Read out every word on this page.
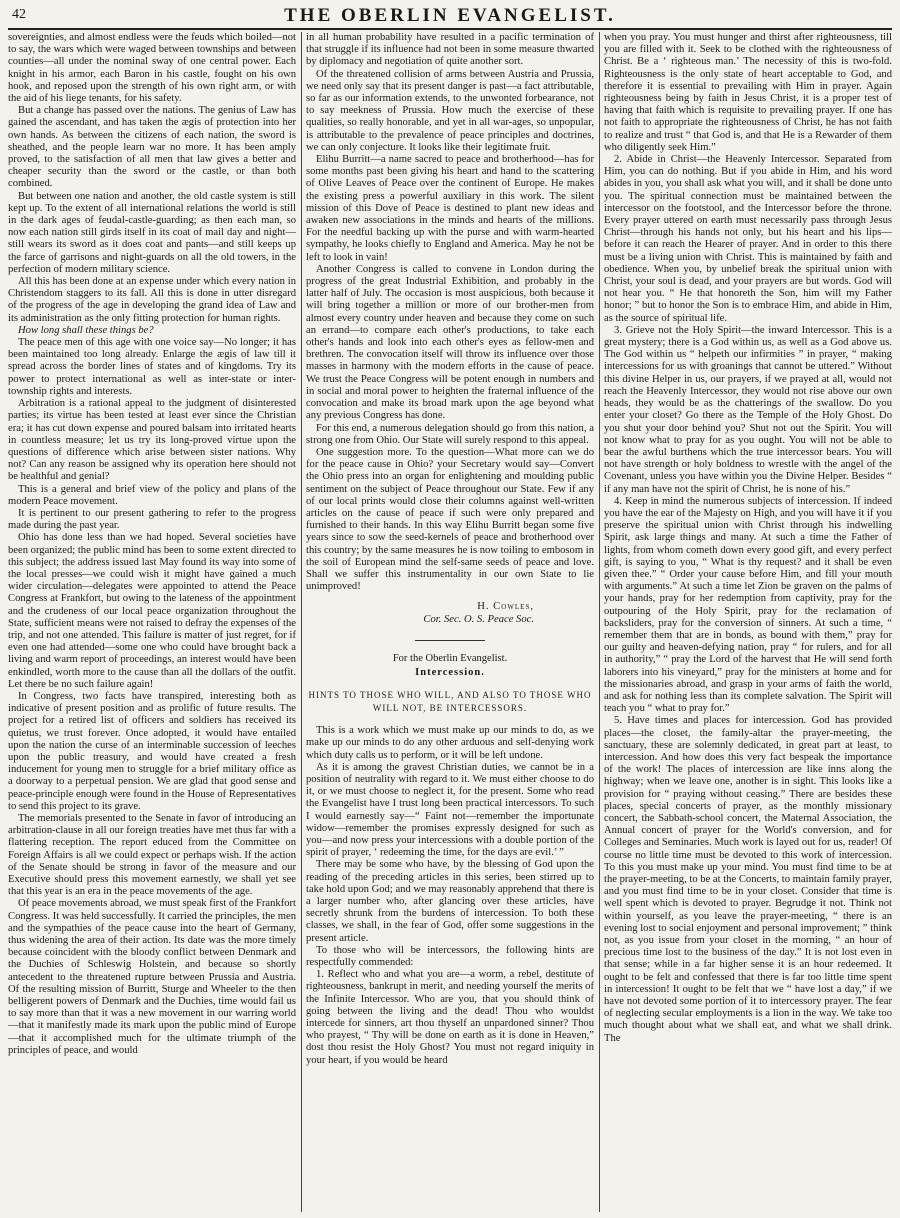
42	THE OBERLIN EVANGELIST.

sovereignties, and almost endless were the feuds which boiled—not to say, the wars which were waged between townships and between counties—all under the nominal sway of one central power. Each knight in his armor, each Baron in his castle, fought on his own hook, and reposed upon the strength of his own right arm, or with the aid of his liege tenants, for his safety.

But a change has passed over the nations. The genius of Law has gained the ascendant, and has taken the ægis of protection into her own hands. As between the citizens of each nation, the sword is sheathed, and the people learn war no more. It has been amply proved, to the satisfaction of all men that law gives a better and cheaper security than the sword or the castle, or than both combined.

But between one nation and another, the old castle system is still kept up. To the extent of all international relations the world is still in the dark ages of feudal-castle-guarding; as then each man, so now each nation still girds itself in its coat of mail day and night—still wears its sword as it does coat and pants—and still keeps up the farce of garrisons and night-guards on all the old towers, in the perfection of modern military science.

All this has been done at an expense under which every nation in Christendom staggers to its fall. All this is done in utter disregard of the progress of the age in developing the grand idea of Law and its administration as the only fitting protection for human rights.

How long shall these things be?

The peace men of this age with one voice say—No longer; it has been maintained too long already. Enlarge the ægis of law till it spread across the border lines of states and of kingdoms. Try its power to protect international as well as inter-state or inter-township rights and interests.

Arbitration is a rational appeal to the judgment of disinterested parties; its virtue has been tested at least ever since the Christian era; it has cut down expense and poured balsam into irritated hearts in countless measure; let us try its long-proved virtue upon the questions of difference which arise between sister nations. Why not? Can any reason be assigned why its operation here should not be healthful and genial?

This is a general and brief view of the policy and plans of the modern Peace movement.

It is pertinent to our present gathering to refer to the progress made during the past year.

Ohio has done less than we had hoped. Several societies have been organized; the public mind has been to some extent directed to this subject; the address issued last May found its way into some of the local presses—we could wish it might have gained a much wider circulation—delegates were appointed to attend the Peace Congress at Frankfort, but owing to the lateness of the appointment and the crudeness of our local peace organization throughout the State, sufficient means were not raised to defray the expenses of the trip, and not one attended. This failure is matter of just regret, for if even one had attended—some one who could have brought back a living and warm report of proceedings, an interest would have been enkindled, worth more to the cause than all the dollars of the outfit. Let there be no such failure again!

In Congress, two facts have transpired, interesting both as indicative of present position and as prolific of future results. The project for a retired list of officers and soldiers has received its quietus, we trust forever. Once adopted, it would have entailed upon the nation the curse of an interminable succession of leeches upon the public treasury, and would have created a fresh inducement for young men to struggle for a brief military office as a doorway to a perpetual pension. We are glad that good sense and peace-principle enough were found in the House of Representatives to send this project to its grave.

The memorials presented to the Senate in favor of introducing an arbitration-clause in all our foreign treaties have met thus far with a flattering reception. The report educed from the Committee on Foreign Affairs is all we could expect or perhaps wish. If the action of the Senate should be strong in favor of the measure and our Executive should press this movement earnestly, we shall yet see that this year is an era in the peace movements of the age.

Of peace movements abroad, we must speak first of the Frankfort Congress. It was held successfully. It carried the principles, the men and the sympathies of the peace cause into the heart of Germany, thus widening the area of their action. Its date was the more timely because coincident with the bloody conflict between Denmark and the Duchies of Schleswig Holstein, and because so shortly antecedent to the threatened rupture between Prussia and Austria. Of the resulting mission of Burritt, Sturge and Wheeler to the then belligerent powers of Denmark and the Duchies, time would fail us to say more than that it was a new movement in our warring world—that it manifestly made its mark upon the public mind of Europe—that it accomplished much for the ultimate triumph of the principles of peace, and would

in all human probability have resulted in a pacific termination of that struggle if its influence had not been in some measure thwarted by diplomacy and negotiation of quite another sort.

Of the threatened collision of arms between Austria and Prussia, we need only say that its present danger is past—a fact attributable, so far as our information extends, to the unwonted forbearance, not to say meekness of Prussia. How much the exercise of these qualities, so really honorable, and yet in all war-ages, so unpopular, is attributable to the prevalence of peace principles and doctrines, we can only conjecture. It looks like their legitimate fruit.

Elihu Burritt—a name sacred to peace and brotherhood—has for some months past been giving his heart and hand to the scattering of Olive Leaves of Peace over the continent of Europe. He makes the existing press a powerful auxiliary in this work. The silent mission of this Dove of Peace is destined to plant new ideas and awaken new associations in the minds and hearts of the millions. For the needful backing up with the purse and with warm-hearted sympathy, he looks chiefly to England and America. May he not be left to look in vain!

Another Congress is called to convene in London during the progress of the great Industrial Exhibition, and probably in the latter half of July. The occasion is most auspicious, both because it will bring together a million or more of our brother-men from almost every country under heaven and because they come on such an errand—to compare each other's productions, to take each other's hands and look into each other's eyes as fellow-men and brethren. The convocation itself will throw its influence over those masses in harmony with the modern efforts in the cause of peace. We trust the Peace Congress will be potent enough in numbers and in social and moral power to heighten the fraternal influence of the convocation and make its broad mark upon the age beyond what any previous Congress has done.

For this end, a numerous delegation should go from this nation, a strong one from Ohio. Our State will surely respond to this appeal.

One suggestion more. To the question—What more can we do for the peace cause in Ohio? your Secretary would say—Convert the Ohio press into an organ for enlightening and moulding public sentiment on the subject of Peace throughout our State. Few if any of our local prints would close their columns against well-written articles on the cause of peace if such were only prepared and furnished to their hands. In this way Elihu Burritt began some five years since to sow the seed-kernels of peace and brotherhood over this country; by the same measures he is now toiling to embosom in the soil of European mind the self-same seeds of peace and love. Shall we suffer this instrumentality in our own State to lie unimproved!

H. Cowles,
Cor. Sec. O. S. Peace Soc.
For the Oberlin Evangelist.
Intercession.
HINTS TO THOSE WHO WILL, AND ALSO TO THOSE WHO WILL NOT, BE INTERCESSORS.

This is a work which we must make up our minds to do, as we make up our minds to do any other arduous and self-denying work which duty calls us to perform, or it will be left undone.

As it is among the gravest Christian duties, we cannot be in a position of neutrality with regard to it. We must either choose to do it, or we must choose to neglect it, for the present. Some who read the Evangelist have I trust long been practical intercessors. To such I would earnestly say—“ Faint not—remember the importunate widow—remember the promises expressly designed for such as you—and now press your intercessions with a double portion of the spirit of prayer, ‘ redeeming the time, for the days are evil.’ ”

There may be some who have, by the blessing of God upon the reading of the preceding articles in this series, been stirred up to take hold upon God; and we may reasonably apprehend that there is a larger number who, after glancing over these articles, have secretly shrunk from the burdens of intercession. To both these classes, we shall, in the fear of God, offer some suggestions in the present article.

To those who will be intercessors, the following hints are respectfully commended:

1. Reflect who and what you are—a worm, a rebel, destitute of righteousness, bankrupt in merit, and needing yourself the merits of the Infinite Intercessor. Who are you, that you should think of going between the living and the dead! Thou who wouldst intercede for sinners, art thou thyself an unpardoned sinner? Thou who prayest, “ Thy will be done on earth as it is done in Heaven,” dost thou resist the Holy Ghost? You must not regard iniquity in your heart, if you would be heard

when you pray. You must hunger and thirst after righteousness, till you are filled with it. Seek to be clothed with the righteousness of Christ. Be a ‘ righteous man.’ The necessity of this is two-fold. Righteousness is the only state of heart acceptable to God, and therefore it is essential to prevailing with Him in prayer. Again righteousness being by faith in Jesus Christ, it is a proper test of having that faith which is requisite to prevailing prayer. If one has not faith to appropriate the righteousness of Christ, he has not faith to realize and trust “ that God is, and that He is a Rewarder of them who diligently seek Him.”

2. Abide in Christ—the Heavenly Intercessor. Separated from Him, you can do nothing. But if you abide in Him, and his word abides in you, you shall ask what you will, and it shall be done unto you. The spiritual connection must be maintained between the intercessor on the footstool, and the Intercessor before the throne. Every prayer uttered on earth must necessarily pass through Jesus Christ—through his hands not only, but his heart and his lips—before it can reach the Hearer of prayer. And in order to this there must be a living union with Christ. This is maintained by faith and obedience. When you, by unbelief break the spiritual union with Christ, your soul is dead, and your prayers are but words. God will not hear you. “ He that honoreth the Son, him will my Father honor; ” but to honor the Son is to embrace Him, and abide in Him, as the source of spiritual life.

3. Grieve not the Holy Spirit—the inward Intercessor. This is a great mystery; there is a God within us, as well as a God above us. The God within us “ helpeth our infirmities ” in prayer, “ making intercessions for us with groanings that cannot be uttered.” Without this divine Helper in us, our prayers, if we prayed at all, would not reach the Heavenly Intercessor, they would not rise above our own heads, they would be as the chatterings of the swallow. Do you enter your closet? Go there as the Temple of the Holy Ghost. Do you shut your door behind you? Shut not out the Spirit. You will not know what to pray for as you ought. You will not be able to bear the awful burthens which the true intercessor bears. You will not have strength or holy boldness to wrestle with the angel of the Covenant, unless you have within you the Divine Helper. Besides “ if any man have not the spirit of Christ, he is none of his.”

4. Keep in mind the numerous subjects of intercession. If indeed you have the ear of the Majesty on High, and you will have it if you preserve the spiritual union with Christ through his indwelling Spirit, ask large things and many. At such a time the Father of lights, from whom cometh down every good gift, and every perfect gift, is saying to you, “ What is thy request? and it shall be even given thee.” “ Order your cause before Him, and fill your mouth with arguments.” At such a time let Zion be graven on the palms of your hands, pray for her redemption from captivity, pray for the outpouring of the Holy Spirit, pray for the reclamation of backsliders, pray for the conversion of sinners. At such a time, “ remember them that are in bonds, as bound with them,” pray for our guilty and heaven-defying nation, pray “ for rulers, and for all in authority,” “ pray the Lord of the harvest that He will send forth laborers into his vineyard,” pray for the ministers at home and for the missionaries abroad, and grasp in your arms of faith the world, and ask for nothing less than its complete salvation. The Spirit will teach you “ what to pray for.”

5. Have times and places for intercession. God has provided places—the closet, the family-altar the prayer-meeting, the sanctuary, these are solemnly dedicated, in great part at least, to intercession. And how does this very fact bespeak the importance of the work! The places of intercession are like inns along the highway; when we leave one, another is in sight. This looks like a provision for “ praying without ceasing.” There are besides these places, special concerts of prayer, as the monthly missionary concert, the Sabbath-school concert, the Maternal Association, the Annual concert of prayer for the World's conversion, and for Colleges and Seminaries. Much work is layed out for us, reader! Of course no little time must be devoted to this work of intercession. To this you must make up your mind. You must find time to be at the prayer-meeting, to be at the Concerts, to maintain family prayer, and you must find time to be in your closet. Consider that time is well spent which is devoted to prayer. Begrudge it not. Think not within yourself, as you leave the prayer-meeting, “ there is an evening lost to social enjoyment and personal improvement; ” think not, as you issue from your closet in the morning, “ an hour of precious time lost to the business of the day.” It is not lost even in that sense; while in a far higher sense it is an hour redeemed. It ought to be felt and confessed that there is far too little time spent in intercession! It ought to be felt that we “ have lost a day,” if we have not devoted some portion of it to intercessory prayer. The fear of neglecting secular employments is a lion in the way. We take too much thought about what we shall eat, and what we shall drink. The
